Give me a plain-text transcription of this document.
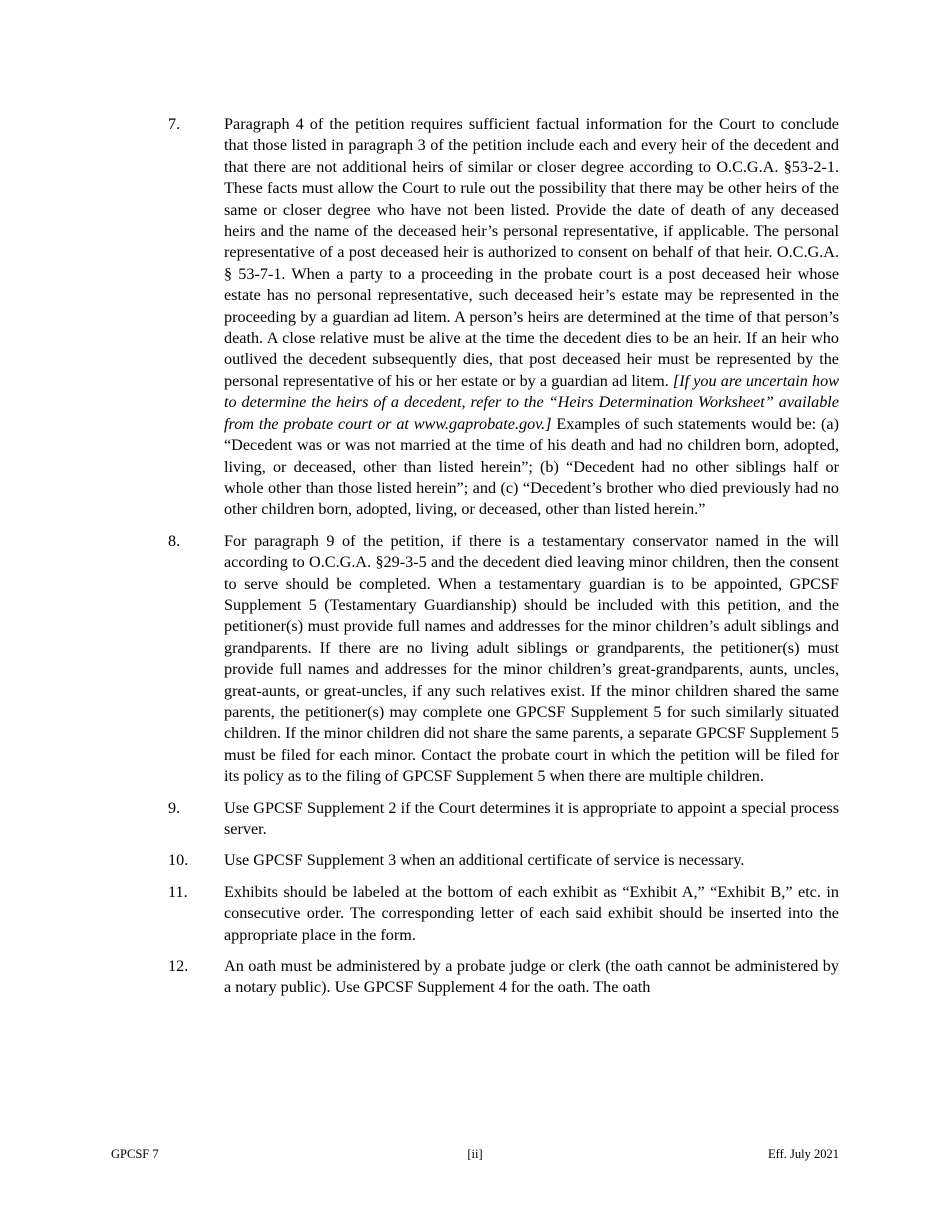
7.	Paragraph 4 of the petition requires sufficient factual information for the Court to conclude that those listed in paragraph 3 of the petition include each and every heir of the decedent and that there are not additional heirs of similar or closer degree according to O.C.G.A. §53-2-1. These facts must allow the Court to rule out the possibility that there may be other heirs of the same or closer degree who have not been listed. Provide the date of death of any deceased heirs and the name of the deceased heir’s personal representative, if applicable. The personal representative of a post deceased heir is authorized to consent on behalf of that heir. O.C.G.A. § 53-7-1. When a party to a proceeding in the probate court is a post deceased heir whose estate has no personal representative, such deceased heir’s estate may be represented in the proceeding by a guardian ad litem. A person’s heirs are determined at the time of that person’s death. A close relative must be alive at the time the decedent dies to be an heir. If an heir who outlived the decedent subsequently dies, that post deceased heir must be represented by the personal representative of his or her estate or by a guardian ad litem. [If you are uncertain how to determine the heirs of a decedent, refer to the “Heirs Determination Worksheet” available from the probate court or at www.gaprobate.gov.] Examples of such statements would be: (a) “Decedent was or was not married at the time of his death and had no children born, adopted, living, or deceased, other than listed herein”; (b) “Decedent had no other siblings half or whole other than those listed herein”; and (c) “Decedent’s brother who died previously had no other children born, adopted, living, or deceased, other than listed herein.”
8.	For paragraph 9 of the petition, if there is a testamentary conservator named in the will according to O.C.G.A. §29-3-5 and the decedent died leaving minor children, then the consent to serve should be completed. When a testamentary guardian is to be appointed, GPCSF Supplement 5 (Testamentary Guardianship) should be included with this petition, and the petitioner(s) must provide full names and addresses for the minor children’s adult siblings and grandparents. If there are no living adult siblings or grandparents, the petitioner(s) must provide full names and addresses for the minor children’s great-grandparents, aunts, uncles, great-aunts, or great-uncles, if any such relatives exist. If the minor children shared the same parents, the petitioner(s) may complete one GPCSF Supplement 5 for such similarly situated children. If the minor children did not share the same parents, a separate GPCSF Supplement 5 must be filed for each minor. Contact the probate court in which the petition will be filed for its policy as to the filing of GPCSF Supplement 5 when there are multiple children.
9.	Use GPCSF Supplement 2 if the Court determines it is appropriate to appoint a special process server.
10. Use GPCSF Supplement 3 when an additional certificate of service is necessary.
11. Exhibits should be labeled at the bottom of each exhibit as “Exhibit A,” “Exhibit B,” etc. in consecutive order. The corresponding letter of each said exhibit should be inserted into the appropriate place in the form.
12. An oath must be administered by a probate judge or clerk (the oath cannot be administered by a notary public). Use GPCSF Supplement 4 for the oath. The oath
GPCSF 7	[ii]	Eff. July 2021
